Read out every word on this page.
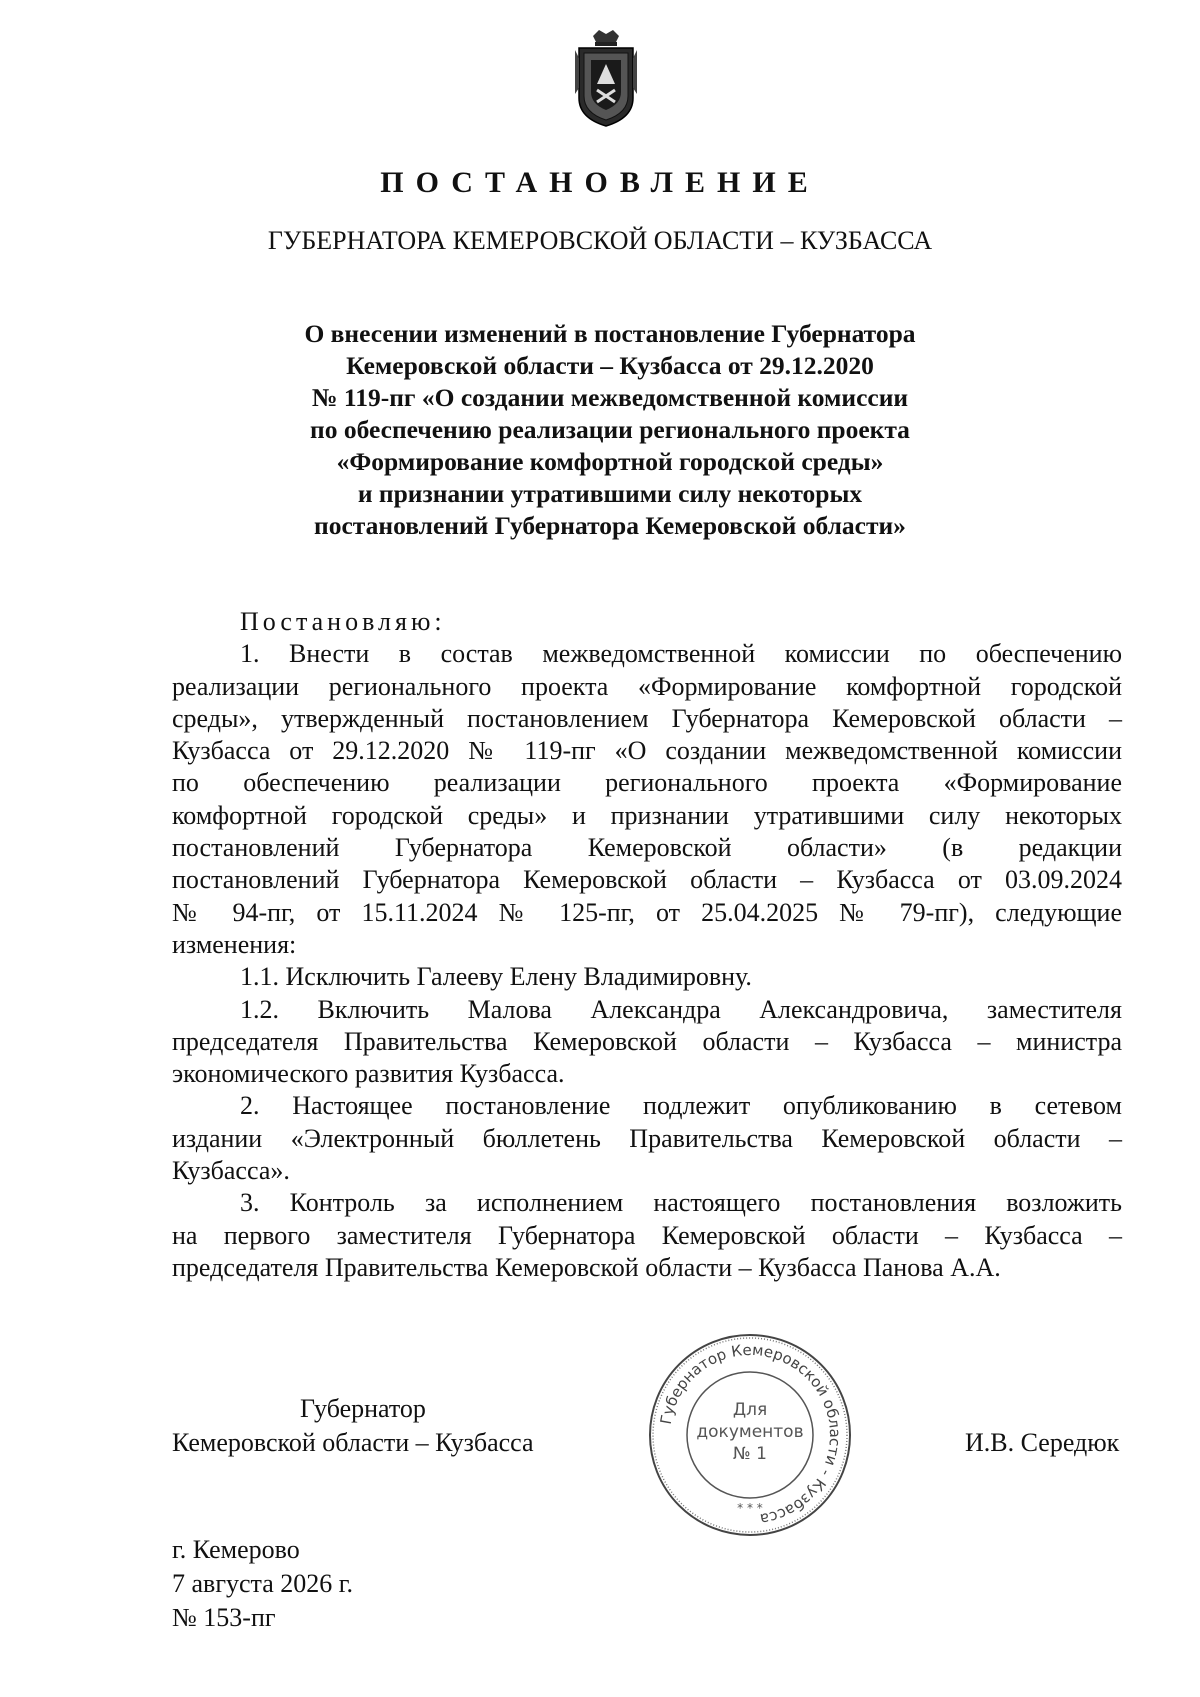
ПОСТАНОВЛЕНИЕ
ГУБЕРНАТОРА КЕМЕРОВСКОЙ ОБЛАСТИ – КУЗБАССА
О внесении изменений в постановление Губернатора
Кемеровской области – Кузбасса от 29.12.2020
№ 119-пг «О создании межведомственной комиссии
по обеспечению реализации регионального проекта
«Формирование комфортной городской среды»
и признании утратившими силу некоторых
постановлений Губернатора Кемеровской области»
Постановляю:
1. Внести в состав межведомственной комиссии по обеспечению
реализации регионального проекта «Формирование комфортной городской
среды», утвержденный постановлением Губернатора Кемеровской области –
Кузбасса от 29.12.2020 № 119-пг «О создании межведомственной комиссии
по обеспечению реализации регионального проекта «Формирование
комфортной городской среды» и признании утратившими силу некоторых
постановлений Губернатора Кемеровской области» (в редакции
постановлений Губернатора Кемеровской области – Кузбасса от 03.09.2024
№ 94-пг, от 15.11.2024 № 125-пг, от 25.04.2025 № 79-пг), следующие
изменения:
1.1. Исключить Галееву Елену Владимировну.
1.2. Включить Малова Александра Александровича, заместителя
председателя Правительства Кемеровской области – Кузбасса – министра
экономического развития Кузбасса.
2. Настоящее постановление подлежит опубликованию в сетевом
издании «Электронный бюллетень Правительства Кемеровской области –
Кузбасса».
3. Контроль за исполнением настоящего постановления возложить
на первого заместителя Губернатора Кемеровской области – Кузбасса –
председателя Правительства Кемеровской области – Кузбасса Панова А.А.
Губернатор
Кемеровской области – Кузбасса	И.В. Середюк
Губернатор Кемеровской области - Кузбасса
Для
документов
№ 1
* * *
г. Кемерово
7 августа 2026 г.
№ 153-пг
